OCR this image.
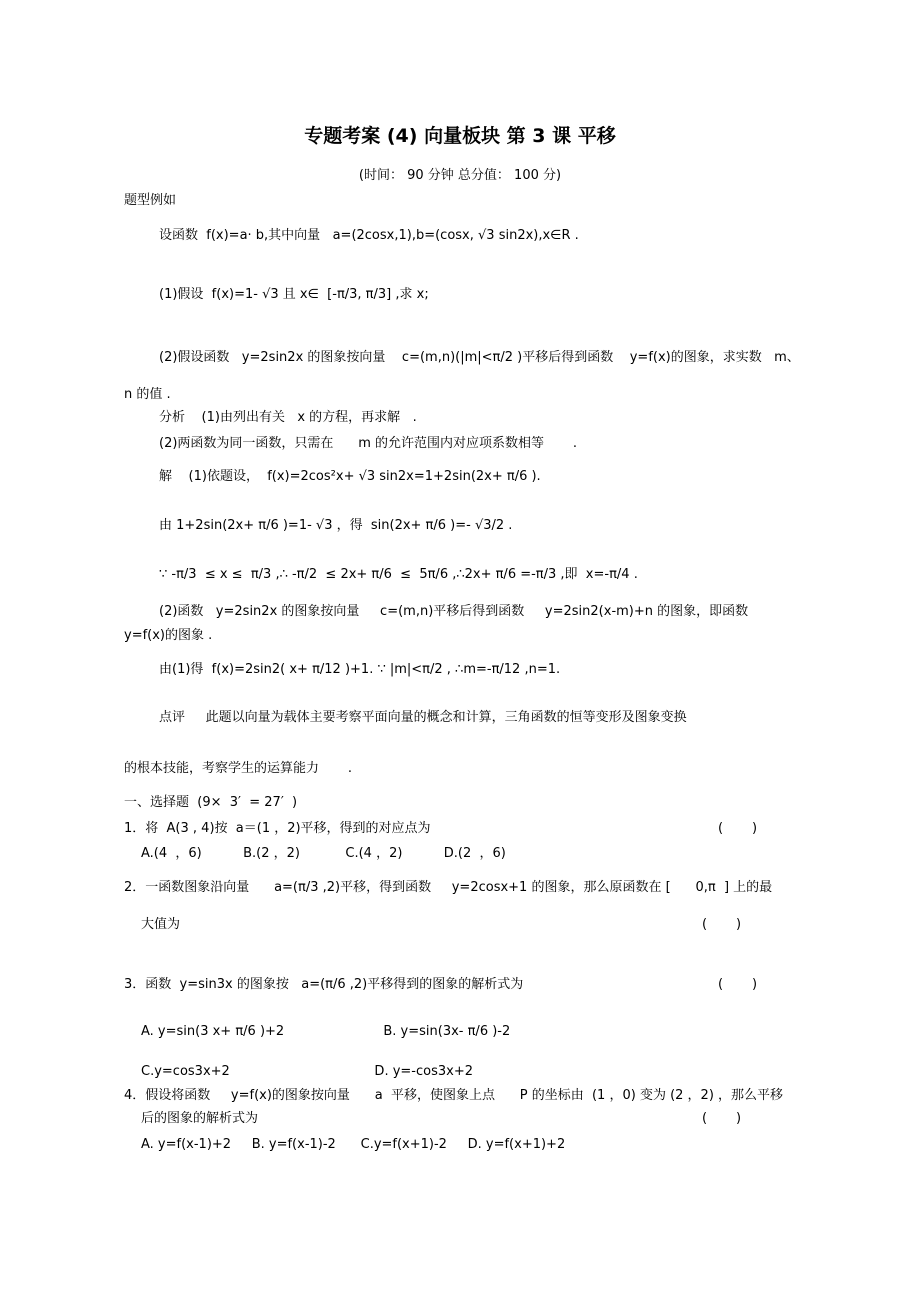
专题考案 (4) 向量板块 第 3 课 平移
(时间： 90 分钟 总分值： 100 分)
题型例如
设函数  f(x)=a· b,其中向量   a=(2cosx,1),b=(cosx, √3 sin2x),x∈R .
(1)假设  f(x)=1- √3 且 x∈  [-π/3, π/3] ,求 x;
(2)假设函数   y=2sin2x 的图象按向量    c=(m,n)(|m|<π/2 )平移后得到函数    y=f(x)的图象，求实数   m、
n 的值 .
分析    (1)由列出有关   x 的方程，再求解   .
(2)两函数为同一函数，只需在      m 的允许范围内对应项系数相等       .
解    (1)依题设，  f(x)=2cos²x+ √3 sin2x=1+2sin(2x+ π/6 ).
由 1+2sin(2x+ π/6 )=1- √3 ，得  sin(2x+ π/6 )=- √3/2 .
∵ -π/3  ≤ x ≤  π/3 ,∴ -π/2  ≤ 2x+ π/6  ≤  5π/6 ,∴2x+ π/6 =-π/3 ,即  x=-π/4 .
(2)函数   y=2sin2x 的图象按向量     c=(m,n)平移后得到函数     y=2sin2(x-m)+n 的图象，即函数
y=f(x)的图象 .
由(1)得  f(x)=2sin2( x+ π/12 )+1. ∵ |m|<π/2 , ∴m=-π/12 ,n=1.
点评     此题以向量为载体主要考察平面向量的概念和计算，三角函数的恒等变形及图象变换
的根本技能，考察学生的运算能力       .
一、选择题  (9×  3′  = 27′  )
1．将  A(3 , 4)按  a＝(1 ，2)平移，得到的对应点为	(       )
A.(4  ，6)          B.(2 ，2)           C.(4 ，2)          D.(2  ，6)
2．一函数图象沿向量      a=(π/3 ,2)平移，得到函数     y=2cosx+1 的图象，那么原函数在 [      0,π  ] 上的最
大值为	(       )
3．函数  y=sin3x 的图象按   a=(π/6 ,2)平移得到的图象的解析式为	(       )
A. y=sin(3 x+ π/6 )+2                        B. y=sin(3x- π/6 )-2
C.y=cos3x+2                                   D. y=-cos3x+2
4．假设将函数     y=f(x)的图象按向量      a  平移，使图象上点      P 的坐标由  (1 ，0) 变为 (2 ，2) ，那么平移
后的图象的解析式为	(       )
A. y=f(x-1)+2     B. y=f(x-1)-2      C.y=f(x+1)-2     D. y=f(x+1)+2
